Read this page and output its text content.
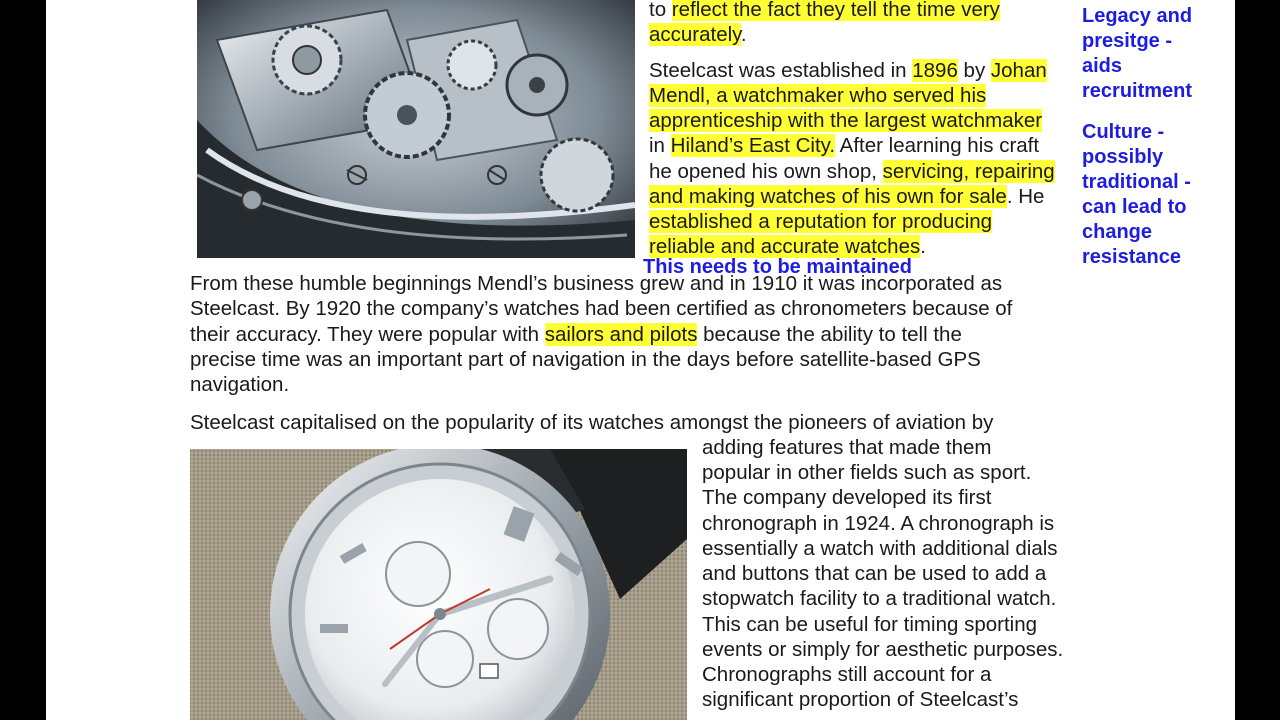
to reflect the fact they tell the time very

accurately.

Steelcast was established in 1896 by Johan

Mendl, a watchmaker who served his

apprenticeship with the largest watchmaker

in Hiland’s East City. After learning his craft

he opened his own shop, servicing, repairing

and making watches of his own for sale. He

established a reputation for producing

reliable and accurate watches.

From these humble beginnings Mendl’s business grew and in 1910 it was incorporated as

Steelcast. By 1920 the company’s watches had been certified as chronometers because of

their accuracy. They were popular with sailors and pilots because the ability to tell the

precise time was an important part of navigation in the days before satellite-based GPS

navigation.

Steelcast capitalised on the popularity of its watches amongst the pioneers of aviation by

adding features that made them

popular in other fields such as sport.

The company developed its first

chronograph in 1924. A chronograph is

essentially a watch with additional dials

and buttons that can be used to add a

stopwatch facility to a traditional watch.

This can be useful for timing sporting

events or simply for aesthetic purposes.

Chronographs still account for a

significant proportion of Steelcast’s

Legacy and

presitge -

aids

recruitment

Culture -

possibly

traditional -

can lead to

change

resistance

This needs to be maintained
